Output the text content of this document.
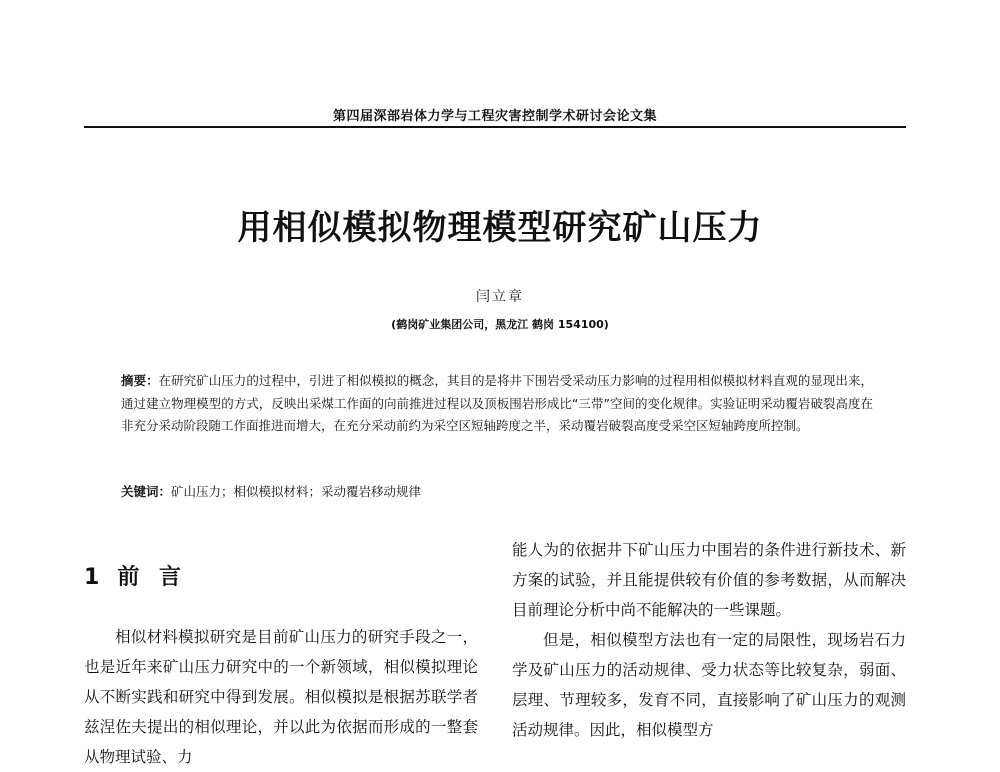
第四届深部岩体力学与工程灾害控制学术研讨会论文集
用相似模拟物理模型研究矿山压力
闫立章
(鹤岗矿业集团公司，黑龙江 鹤岗 154100)
摘要：在研究矿山压力的过程中，引进了相似模拟的概念，其目的是将井下围岩受采动压力影响的过程用相似模拟材料直观的显现出来，通过建立物理模型的方式，反映出采煤工作面的向前推进过程以及顶板围岩形成比“三带”空间的变化规律。实验证明采动覆岩破裂高度在非充分采动阶段随工作面推进而增大，在充分采动前约为采空区短轴跨度之半，采动覆岩破裂高度受采空区短轴跨度所控制。
关键词：矿山压力；相似模拟材料；采动覆岩移动规律
1 前 言

相似材料模拟研究是目前矿山压力的研究手段之一，也是近年来矿山压力研究中的一个新领域，相似模拟理论从不断实践和研究中得到发展。相似模拟是根据苏联学者兹涅佐夫提出的相似理论，并以此为依据而形成的一整套从物理试验、力

能人为的依据井下矿山压力中围岩的条件进行新技术、新方案的试验，并且能提供较有价值的参考数据，从而解决目前理论分析中尚不能解决的一些课题。

但是，相似模型方法也有一定的局限性，现场岩石力学及矿山压力的活动规律、受力状态等比较复杂，弱面、层理、节理较多，发育不同，直接影响了矿山压力的观测活动规律。因此，相似模型方
